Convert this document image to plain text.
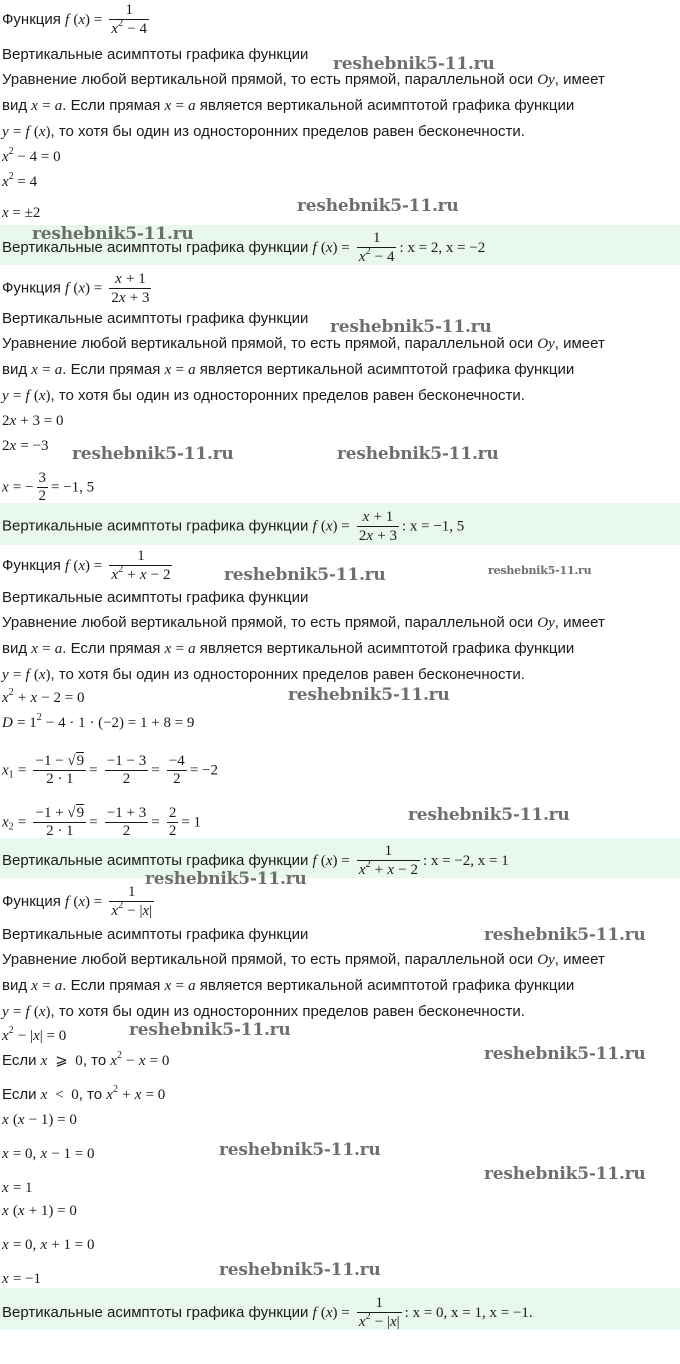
Функция f $(x) = \frac{1}{x^2 - 4}$
Вертикальные асимптоты графика функции
Уравнение любой вертикальной прямой, то есть прямой, параллельной оси Oy, имеет
вид x = a. Если прямая x = a является вертикальной асимптотой графика функции
y = f (x), то хотя бы один из односторонних пределов равен бесконечности.
$x^2 - 4 = 0$
$x^2 = 4$
x = ±2
Вертикальные асимптоты графика функции f $(x) = \frac{1}{x^2 - 4}$ : x = 2, x = −2
Функция f $(x) = \frac{x + 1}{2x + 3}$
Вертикальные асимптоты графика функции
Уравнение любой вертикальной прямой, то есть прямой, параллельной оси Oy, имеет
вид x = a. Если прямая x = a является вертикальной асимптотой графика функции
y = f (x), то хотя бы один из односторонних пределов равен бесконечности.
2x + 3 = 0
2x = −3
x = − $\frac{3}{2} = -1$, 5
Вертикальные асимптоты графика функции f $(x) = \frac{x + 1}{2x + 3}$ : x = −1, 5
Функция f $(x) = \frac{1}{x^2 + x - 2}$
Вертикальные асимптоты графика функции
Уравнение любой вертикальной прямой, то есть прямой, параллельной оси Oy, имеет
вид x = a. Если прямая x = a является вертикальной асимптотой графика функции
y = f (x), то хотя бы один из односторонних пределов равен бесконечности.
$x^2 + x - 2 = 0$
$D = 1^2 - 4 \cdot 1 \cdot (-2) = 1 + 8 = 9$
$x_1 = \frac{-1 - √9}{2 \cdot 1} = \frac{-1 - 3}{2} = \frac{-4}{2} = -2$
$x_2 = \frac{-1 + √9}{2 \cdot 1} = \frac{-1 + 3}{2} = \frac{2}{2} = 1$
Вертикальные асимптоты графика функции f $(x) = \frac{1}{x^2 + x - 2}$ : x = −2, x = 1
Функция f $(x) = \frac{1}{x^2 - |x|}$
Вертикальные асимптоты графика функции
Уравнение любой вертикальной прямой, то есть прямой, параллельной оси Oy, имеет
вид x = a. Если прямая x = a является вертикальной асимптотой графика функции
y = f (x), то хотя бы один из односторонних пределов равен бесконечности.
$x^2 - |x| = 0$
Если x  ⩾  0, то $x^2 - x = 0$
Если x  <  0, то $x^2 + x = 0$
x (x − 1) = 0
x = 0, x − 1 = 0
x = 1
x (x + 1) = 0
x = 0, x + 1 = 0
x = −1
Вертикальные асимптоты графика функции f $(x) = \frac{1}{x^2 - |x|}$ : x = 0, x = 1, x = −1.
reshebnik5-11.ru
reshebnik5-11.ru
reshebnik5-11.ru
reshebnik5-11.ru
reshebnik5-11.ru	reshebnik5-11.ru
reshebnik5-11.ru	reshebnik5-11.ru
reshebnik5-11.ru
reshebnik5-11.ru
reshebnik5-11.ru
reshebnik5-11.ru
reshebnik5-11.ru
reshebnik5-11.ru
reshebnik5-11.ru
reshebnik5-11.ru
reshebnik5-11.ru
